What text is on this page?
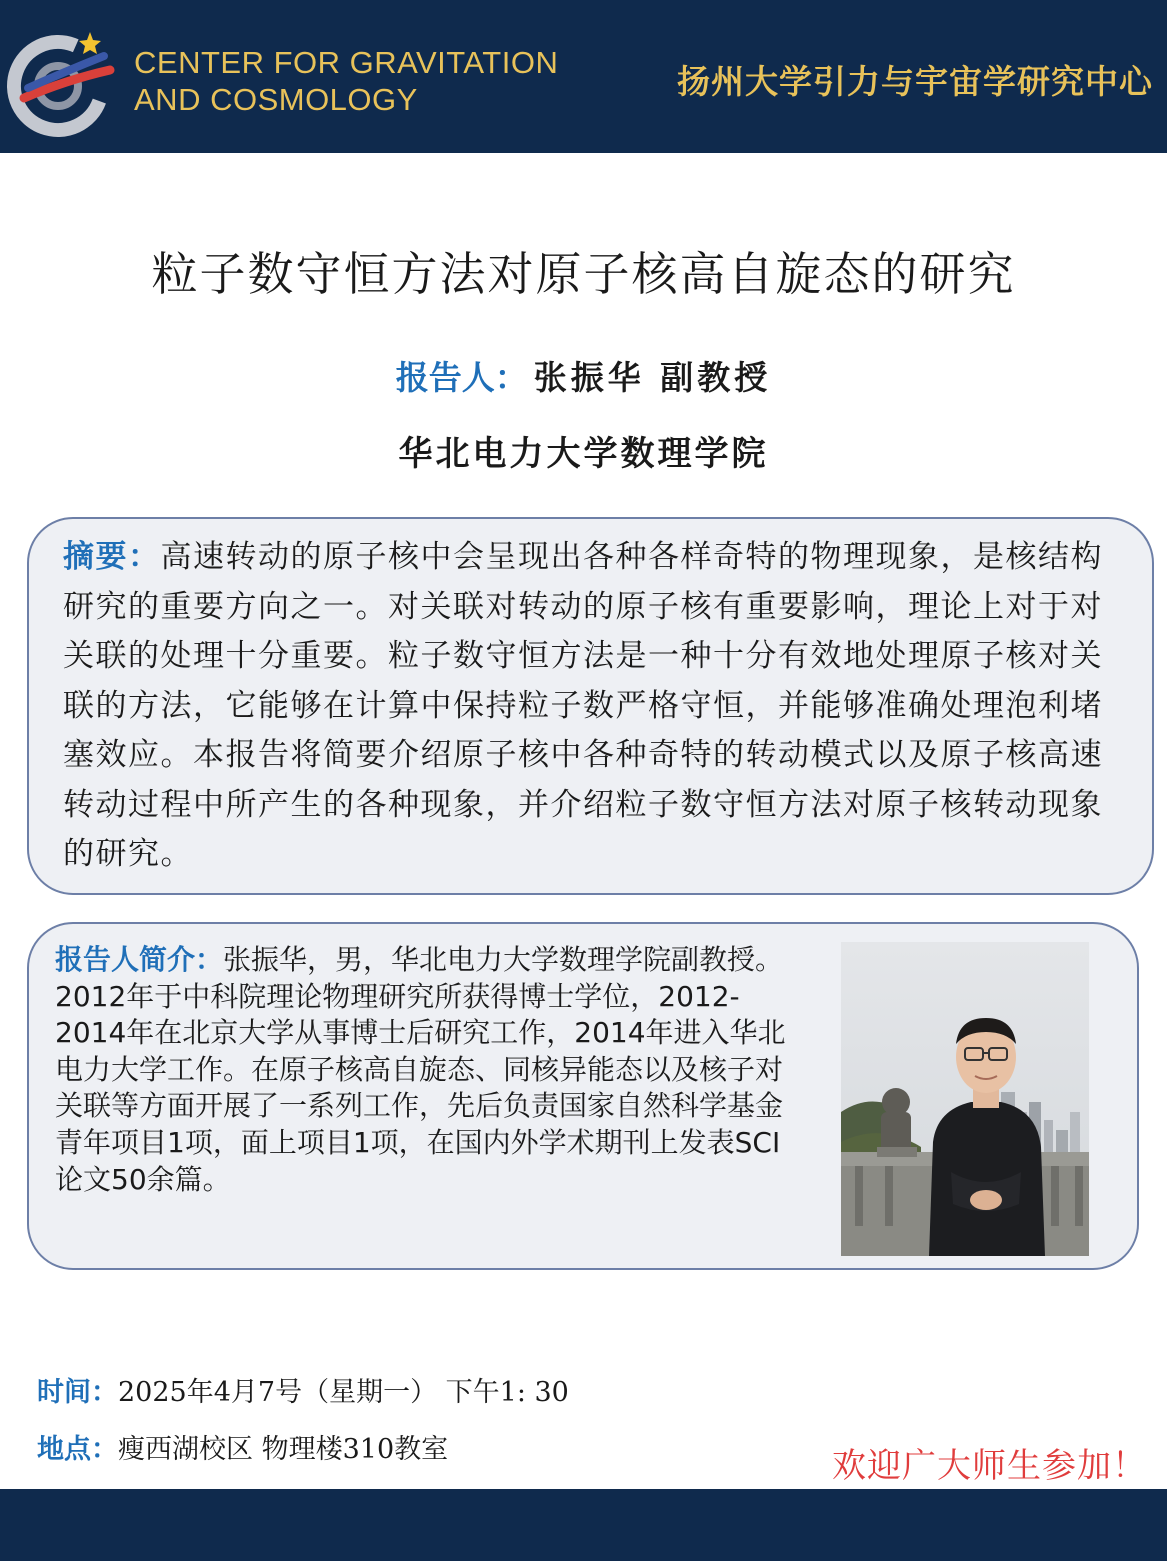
CENTER FOR GRAVITATION
AND COSMOLOGY	扬州大学引力与宇宙学研究中心
粒子数守恒方法对原子核高自旋态的研究
报告人： 张振华 副教授
华北电力大学数理学院
摘要：高速转动的原子核中会呈现出各种各样奇特的物理现象，是核结构研究的重要方向之一。对关联对转动的原子核有重要影响，理论上对于对关联的处理十分重要。粒子数守恒方法是一种十分有效地处理原子核对关联的方法，它能够在计算中保持粒子数严格守恒，并能够准确处理泡利堵塞效应。本报告将简要介绍原子核中各种奇特的转动模式以及原子核高速转动过程中所产生的各种现象，并介绍粒子数守恒方法对原子核转动现象的研究。
报告人简介：张振华，男，华北电力大学数理学院副教授。2012年于中科院理论物理研究所获得博士学位，2012-2014年在北京大学从事博士后研究工作，2014年进入华北电力大学工作。在原子核高自旋态、同核异能态以及核子对关联等方面开展了一系列工作，先后负责国家自然科学基金青年项目1项，面上项目1项，在国内外学术期刊上发表SCI论文50余篇。
时间：2025年4月7号（星期一） 下午1: 30
地点：瘦西湖校区 物理楼310教室	欢迎广大师生参加！
